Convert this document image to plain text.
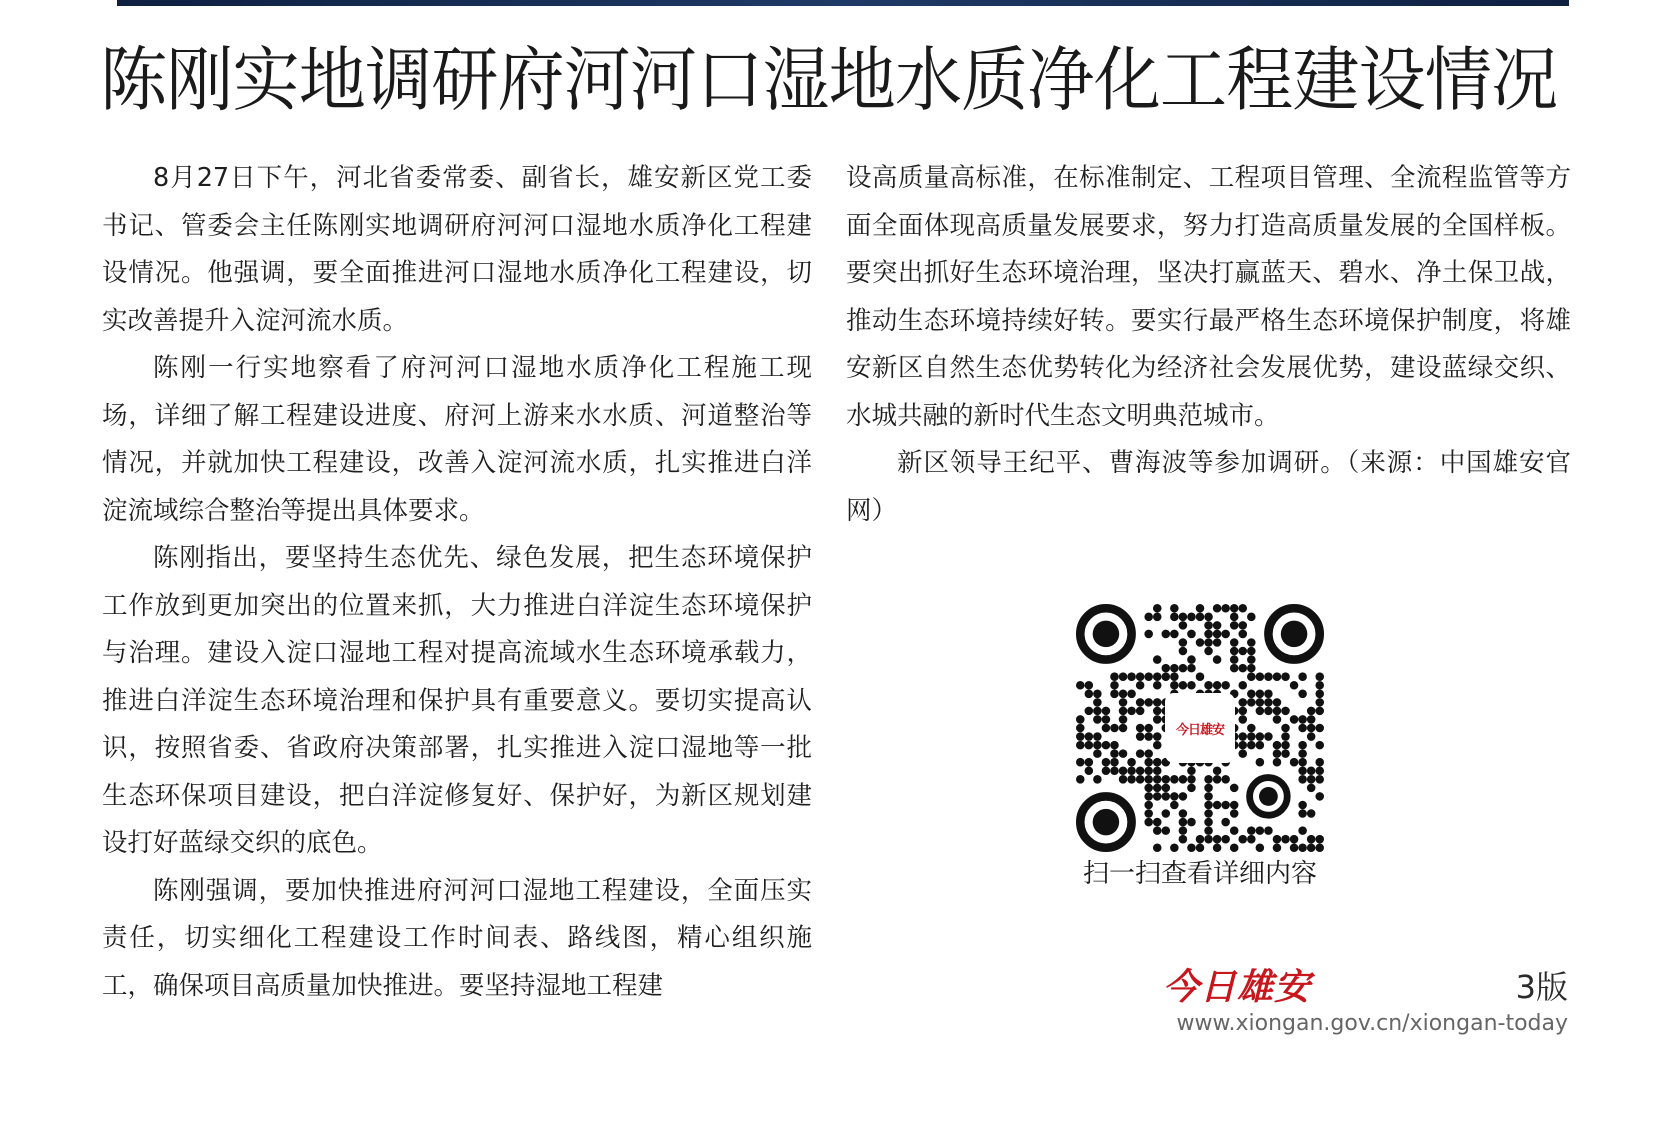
陈刚实地调研府河河口湿地水质净化工程建设情况

8月27日下午，河北省委常委、副省长，雄安新区党工委书记、管委会主任陈刚实地调研府河河口湿地水质净化工程建设情况。他强调，要全面推进河口湿地水质净化工程建设，切实改善提升入淀河流水质。

陈刚一行实地察看了府河河口湿地水质净化工程施工现场，详细了解工程建设进度、府河上游来水水质、河道整治等情况，并就加快工程建设，改善入淀河流水质，扎实推进白洋淀流域综合整治等提出具体要求。

陈刚指出，要坚持生态优先、绿色发展，把生态环境保护工作放到更加突出的位置来抓，大力推进白洋淀生态环境保护与治理。建设入淀口湿地工程对提高流域水生态环境承载力，推进白洋淀生态环境治理和保护具有重要意义。要切实提高认识，按照省委、省政府决策部署，扎实推进入淀口湿地等一批生态环保项目建设，把白洋淀修复好、保护好，为新区规划建设打好蓝绿交织的底色。

陈刚强调，要加快推进府河河口湿地工程建设，全面压实责任，切实细化工程建设工作时间表、路线图，精心组织施工，确保项目高质量加快推进。要坚持湿地工程建

设高质量高标准，在标准制定、工程项目管理、全流程监管等方面全面体现高质量发展要求，努力打造高质量发展的全国样板。要突出抓好生态环境治理，坚决打赢蓝天、碧水、净土保卫战，推动生态环境持续好转。要实行最严格生态环境保护制度，将雄安新区自然生态优势转化为经济社会发展优势，建设蓝绿交织、水城共融的新时代生态文明典范城市。

新区领导王纪平、曹海波等参加调研。（来源：中国雄安官网）

今日雄安
扫一扫查看详细内容
今日雄安	3版
www.xiongan.gov.cn/xiongan-today
